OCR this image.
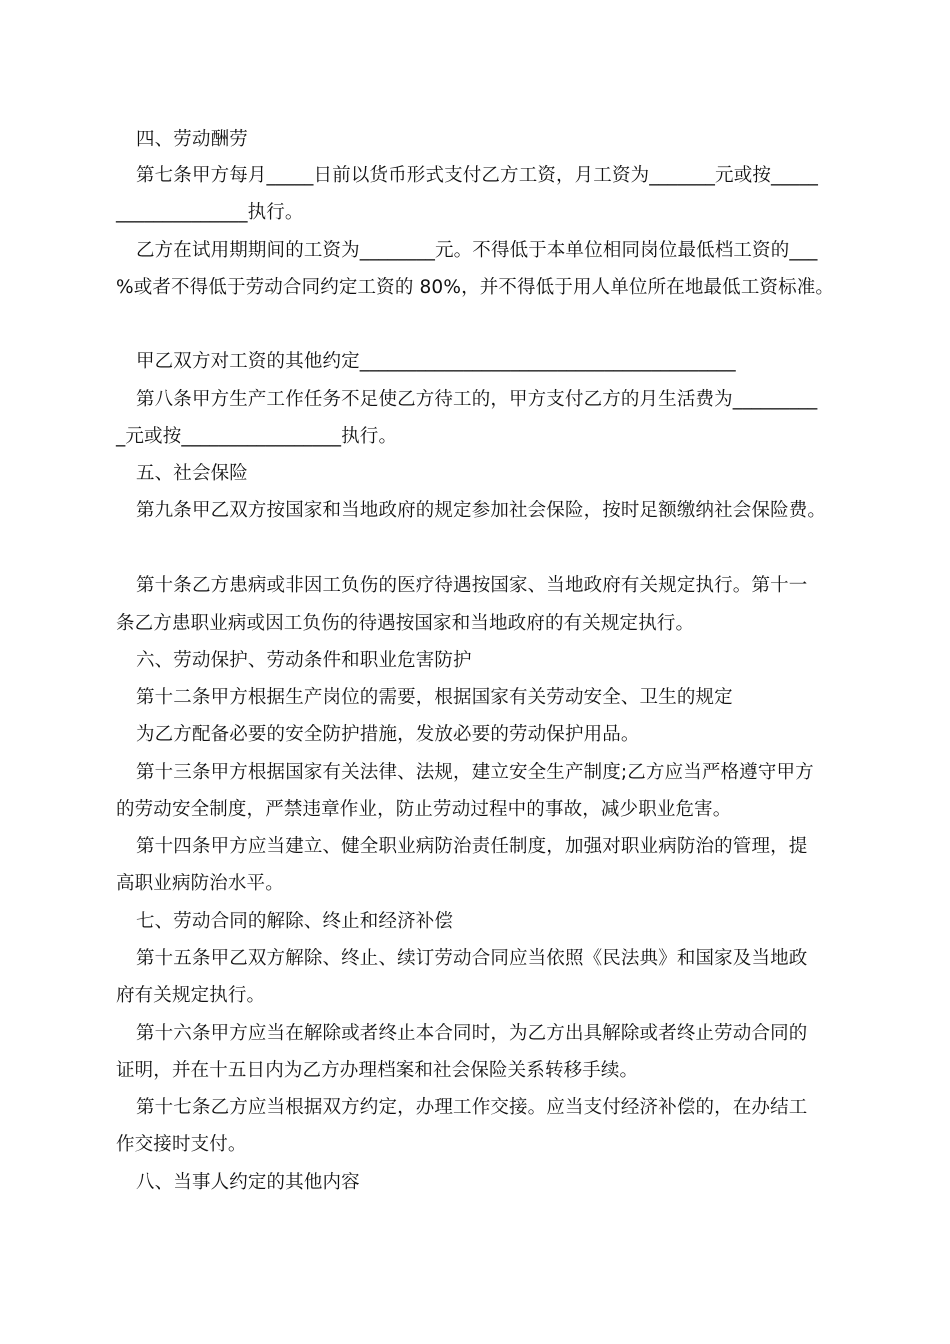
四、劳动酬劳
第七条甲方每月_____日前以货币形式支付乙方工资，月工资为_______元或按_____
______________执行。
乙方在试用期期间的工资为________元。不得低于本单位相同岗位最低档工资的___
%或者不得低于劳动合同约定工资的 80%，并不得低于用人单位所在地最低工资标准。
甲乙双方对工资的其他约定________________________________________
第八条甲方生产工作任务不足使乙方待工的，甲方支付乙方的月生活费为_________
_元或按_________________执行。
五、社会保险
第九条甲乙双方按国家和当地政府的规定参加社会保险，按时足额缴纳社会保险费。
第十条乙方患病或非因工负伤的医疗待遇按国家、当地政府有关规定执行。第十一
条乙方患职业病或因工负伤的待遇按国家和当地政府的有关规定执行。
六、劳动保护、劳动条件和职业危害防护
第十二条甲方根据生产岗位的需要，根据国家有关劳动安全、卫生的规定
为乙方配备必要的安全防护措施，发放必要的劳动保护用品。
第十三条甲方根据国家有关法律、法规，建立安全生产制度;乙方应当严格遵守甲方
的劳动安全制度，严禁违章作业，防止劳动过程中的事故，减少职业危害。
第十四条甲方应当建立、健全职业病防治责任制度，加强对职业病防治的管理，提
高职业病防治水平。
七、劳动合同的解除、终止和经济补偿
第十五条甲乙双方解除、终止、续订劳动合同应当依照《民法典》和国家及当地政
府有关规定执行。
第十六条甲方应当在解除或者终止本合同时，为乙方出具解除或者终止劳动合同的
证明，并在十五日内为乙方办理档案和社会保险关系转移手续。
第十七条乙方应当根据双方约定，办理工作交接。应当支付经济补偿的，在办结工
作交接时支付。
八、当事人约定的其他内容
